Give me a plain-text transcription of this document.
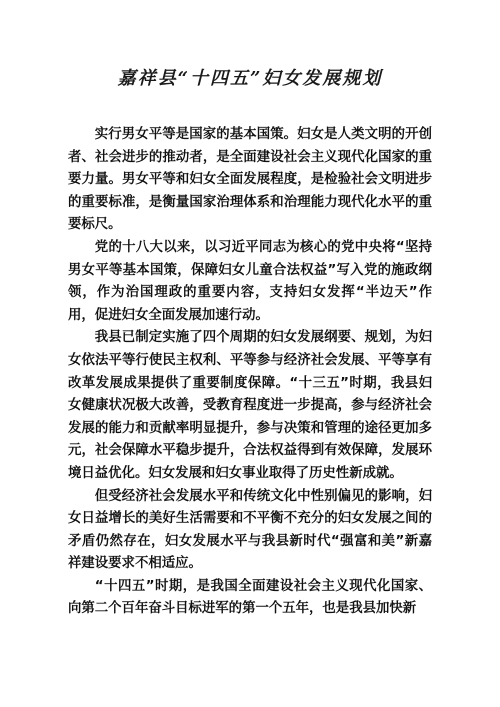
嘉祥县“十四五”妇女发展规划

实行男女平等是国家的基本国策。妇女是人类文明的开创者、社会进步的推动者，是全面建设社会主义现代化国家的重要力量。男女平等和妇女全面发展程度，是检验社会文明进步的重要标准，是衡量国家治理体系和治理能力现代化水平的重要标尺。

党的十八大以来，以习近平同志为核心的党中央将“坚持男女平等基本国策，保障妇女儿童合法权益”写入党的施政纲领，作为治国理政的重要内容，支持妇女发挥“半边天”作用，促进妇女全面发展加速行动。

我县已制定实施了四个周期的妇女发展纲要、规划，为妇女依法平等行使民主权利、平等参与经济社会发展、平等享有改革发展成果提供了重要制度保障。“十三五”时期，我县妇女健康状况极大改善，受教育程度进一步提高，参与经济社会发展的能力和贡献率明显提升，参与决策和管理的途径更加多元，社会保障水平稳步提升，合法权益得到有效保障，发展环境日益优化。妇女发展和妇女事业取得了历史性新成就。

但受经济社会发展水平和传统文化中性别偏见的影响，妇女日益增长的美好生活需要和不平衡不充分的妇女发展之间的矛盾仍然存在，妇女发展水平与我县新时代“强富和美”新嘉祥建设要求不相适应。

“十四五”时期，是我国全面建设社会主义现代化国家、向第二个百年奋斗目标进军的第一个五年，也是我县加快新
